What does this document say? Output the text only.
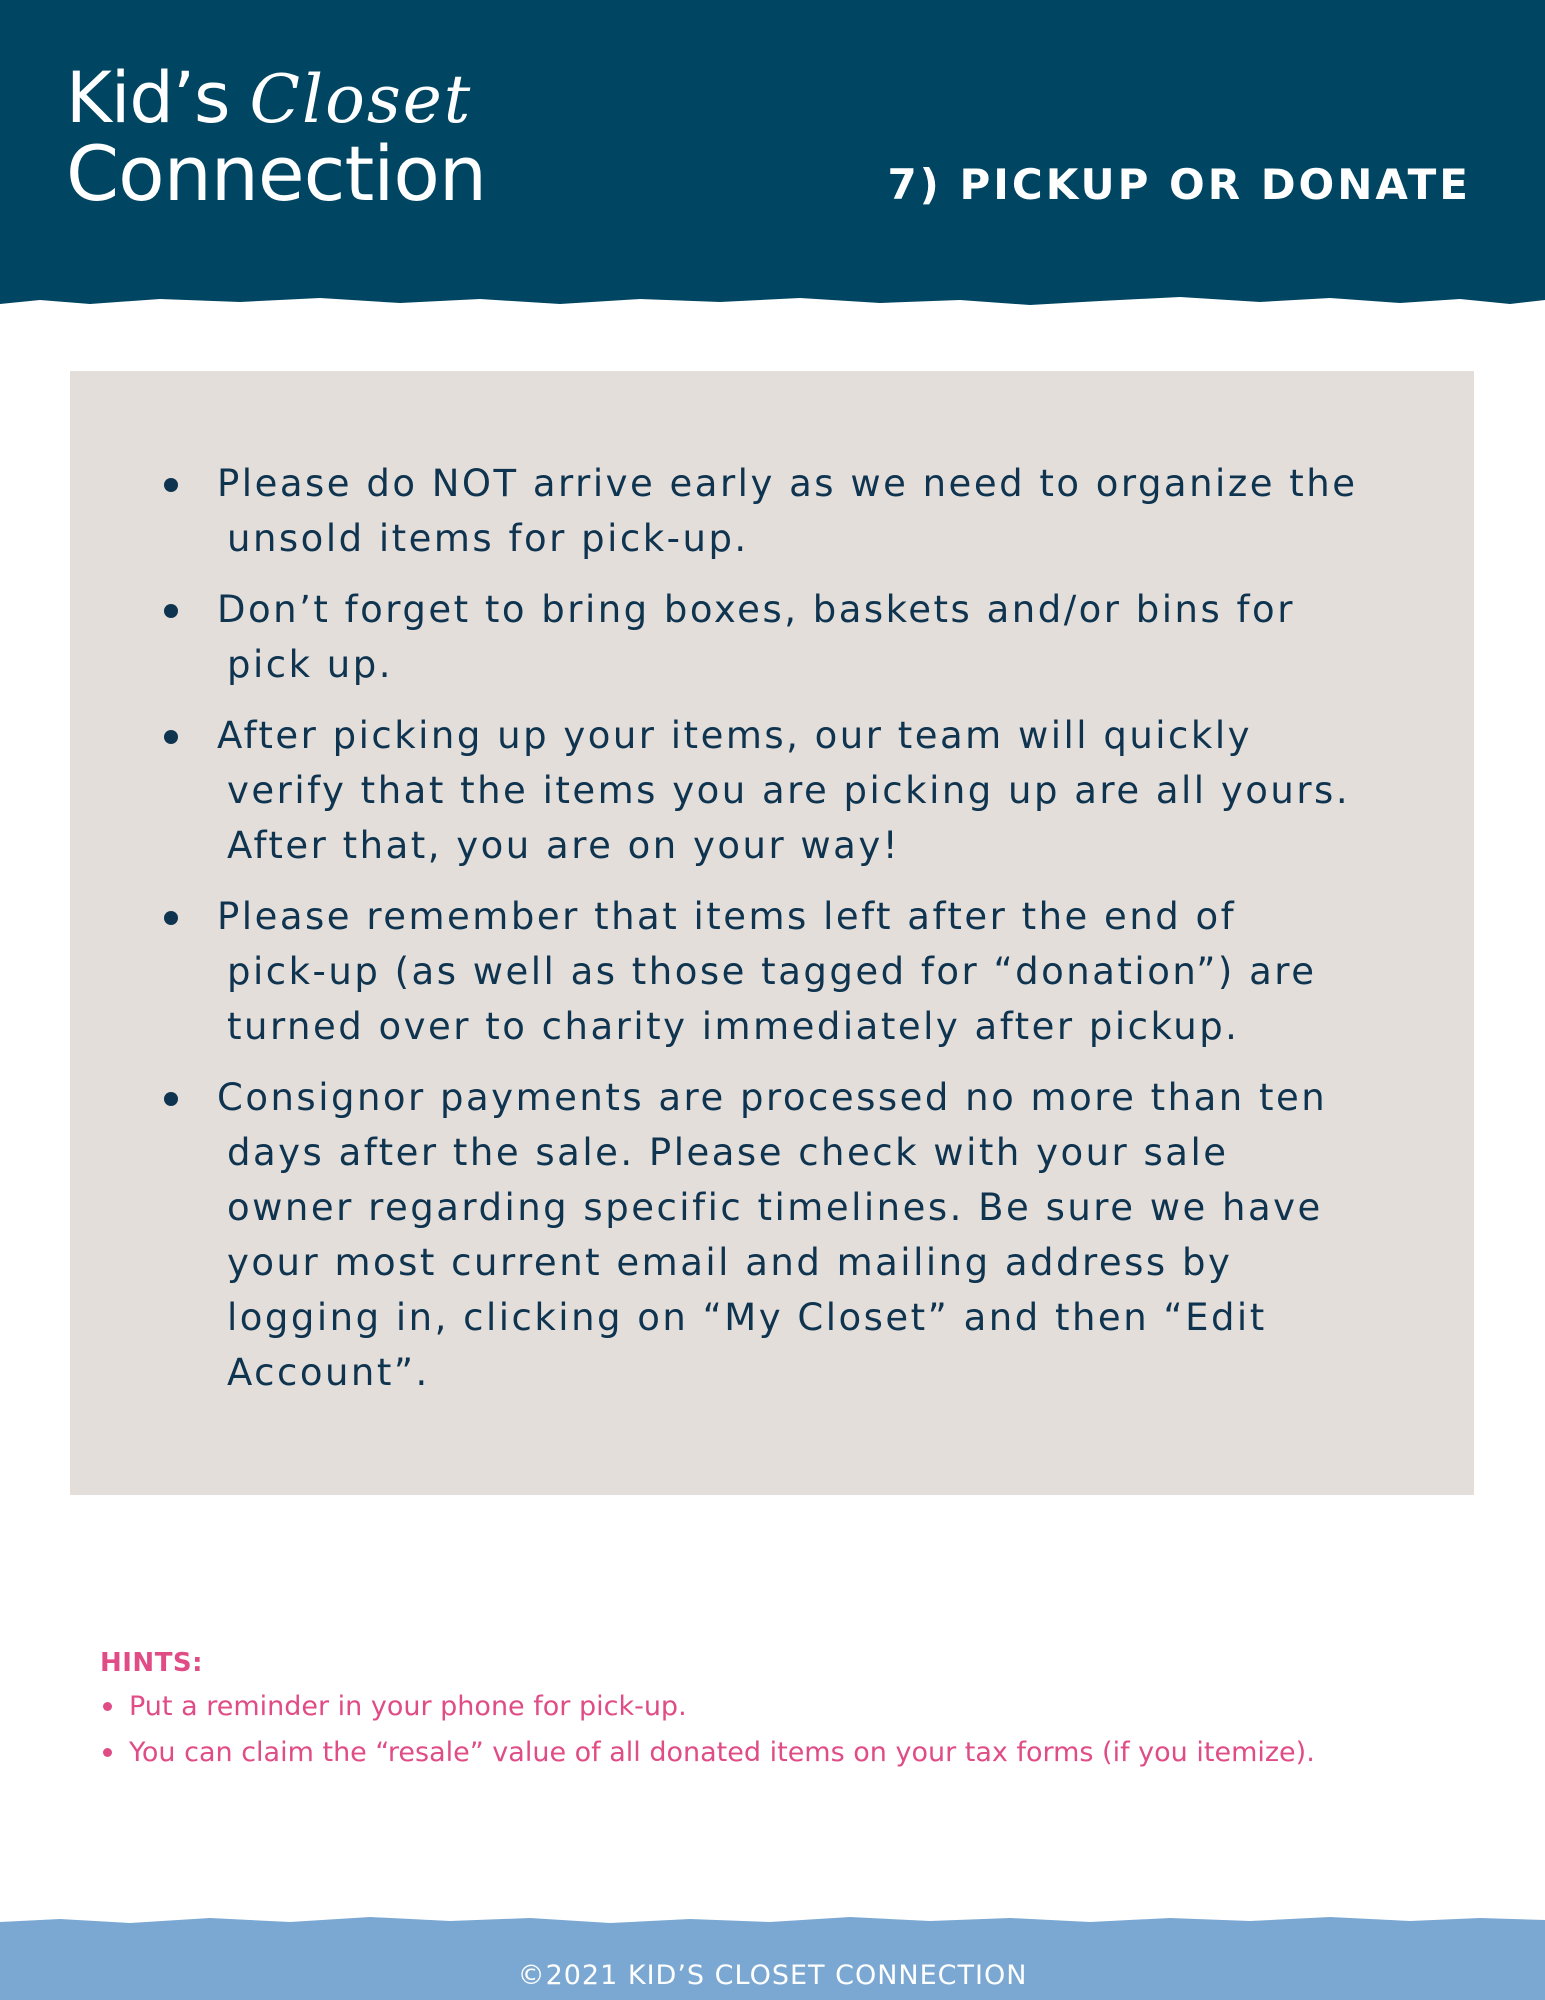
Kid’s Closet
Connection	7) PICKUP OR DONATE
Please do NOT arrive early as we need to organize the
unsold items for pick-up.
Don’t forget to bring boxes, baskets and/or bins for
pick up.
After picking up your items, our team will quickly
verify that the items you are picking up are all yours.
After that, you are on your way!
Please remember that items left after the end of
pick-up (as well as those tagged for “donation”) are
turned over to charity immediately after pickup.
Consignor payments are processed no more than ten
days after the sale. Please check with your sale
owner regarding specific timelines. Be sure we have
your most current email and mailing address by
logging in, clicking on “My Closet” and then “Edit
Account”.
HINTS:
Put a reminder in your phone for pick-up.
You can claim the “resale” value of all donated items on your tax forms (if you itemize).
©2021 KID’S CLOSET CONNECTION
